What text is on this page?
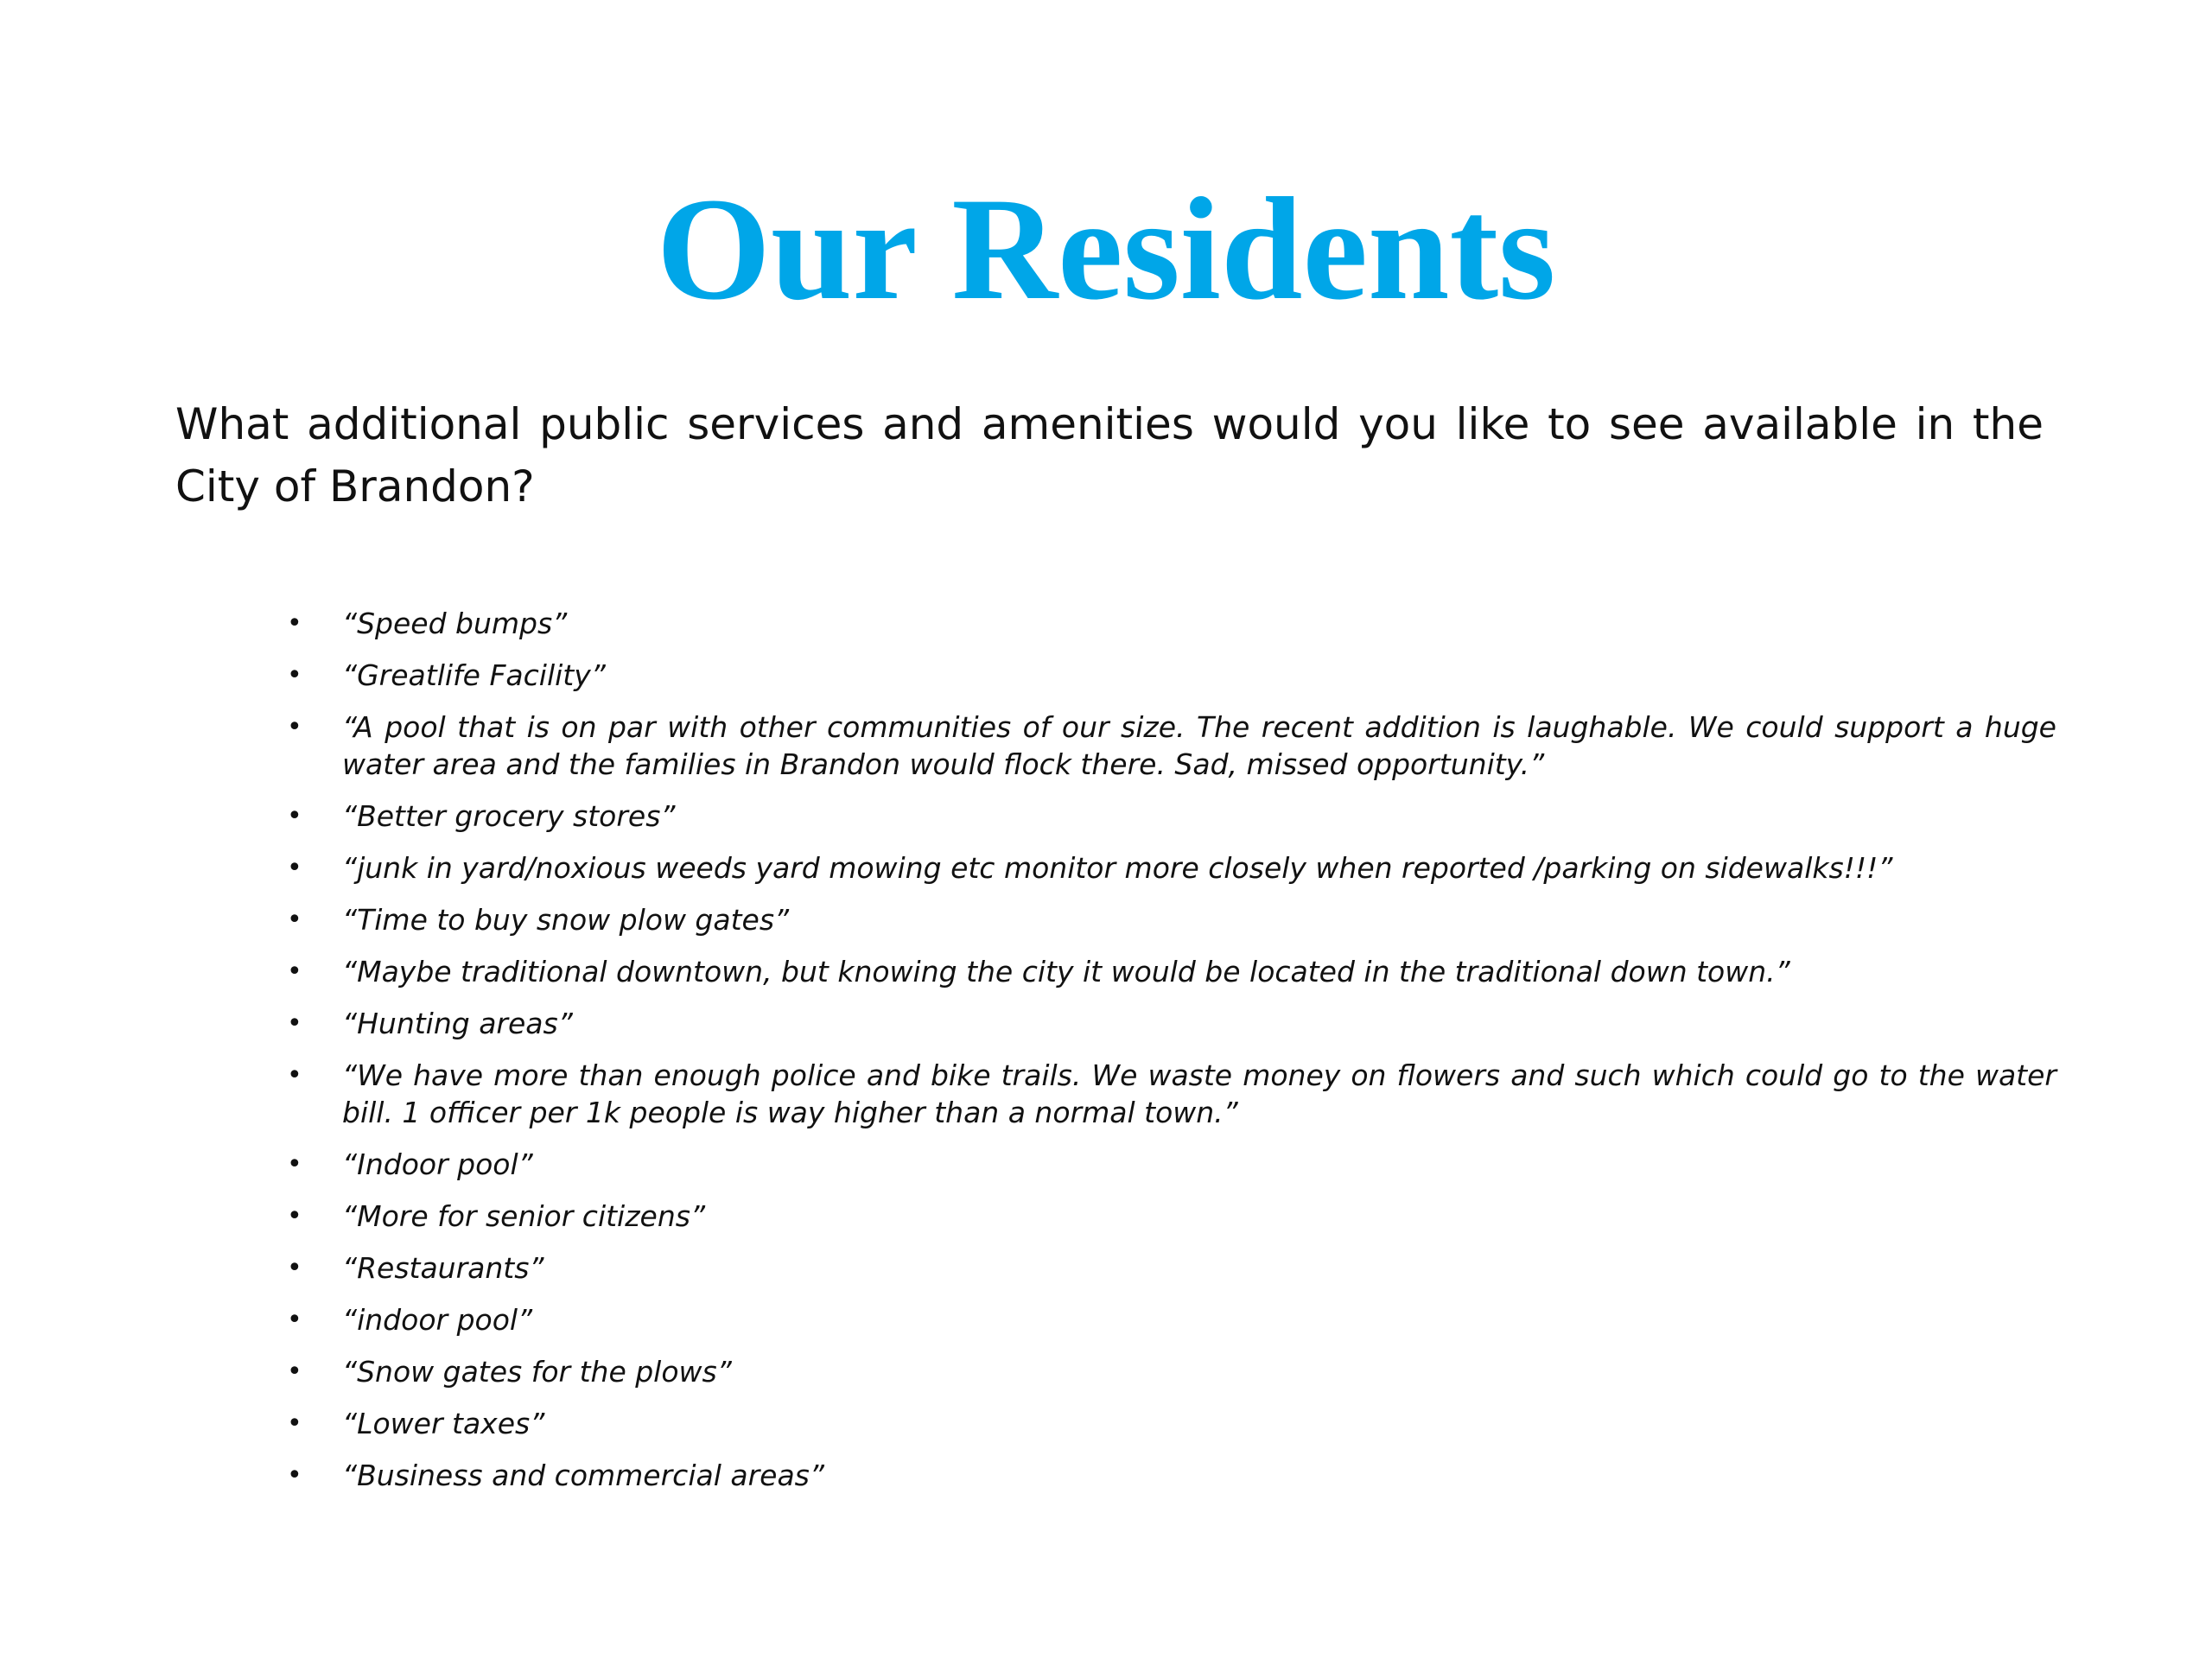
Our Residents

What additional public services and amenities would you like to see available in the City of Brandon?

• “Speed bumps”
• “Greatlife Facility”
• “A pool that is on par with other communities of our size. The recent addition is laughable. We could support a huge water area and the families in Brandon would flock there. Sad, missed opportunity.”
• “Better grocery stores”
• “junk in yard/noxious weeds yard mowing etc monitor more closely when reported /parking on sidewalks!!!”
• “Time to buy snow plow gates”
• “Maybe traditional downtown, but knowing the city it would be located in the traditional down town.”
• “Hunting areas”
• “We have more than enough police and bike trails. We waste money on flowers and such which could go to the water bill. 1 officer per 1k people is way higher than a normal town.”
• “Indoor pool”
• “More for senior citizens”
• “Restaurants”
• “indoor pool”
• “Snow gates for the plows”
• “Lower taxes”
• “Business and commercial areas”
